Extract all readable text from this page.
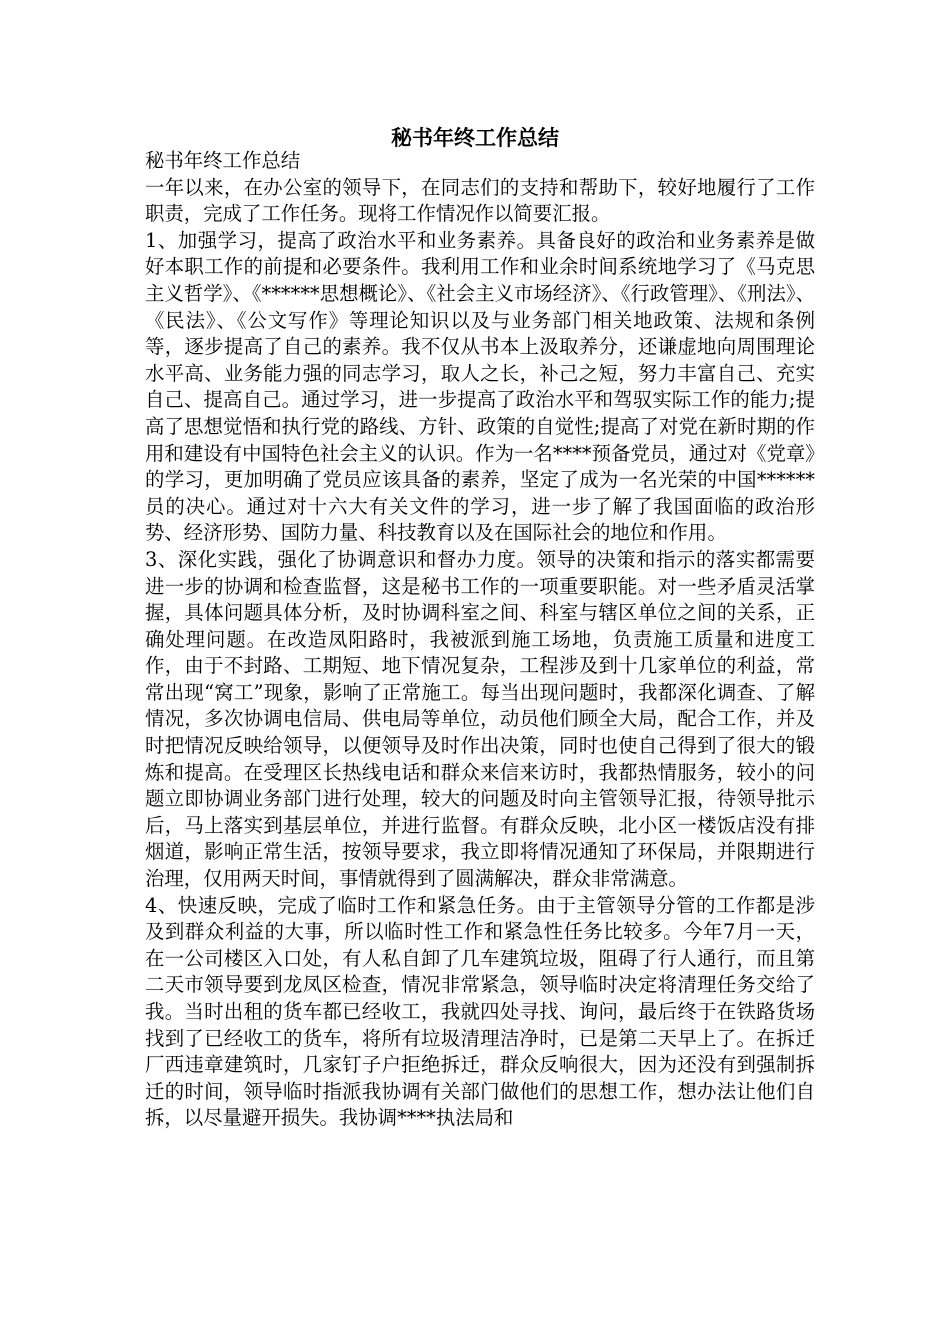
秘书年终工作总结

秘书年终工作总结

一年以来，在办公室的领导下，在同志们的支持和帮助下，较好地履行了工作职责，完成了工作任务。现将工作情况作以简要汇报。

1、加强学习，提高了政治水平和业务素养。具备良好的政治和业务素养是做好本职工作的前提和必要条件。我利用工作和业余时间系统地学习了《马克思主义哲学》、《******思想概论》、《社会主义市场经济》、《行政管理》、《刑法》、《民法》、《公文写作》等理论知识以及与业务部门相关地政策、法规和条例等，逐步提高了自己的素养。我不仅从书本上汲取养分，还谦虚地向周围理论水平高、业务能力强的同志学习，取人之长，补己之短，努力丰富自己、充实自己、提高自己。通过学习，进一步提高了政治水平和驾驭实际工作的能力;提高了思想觉悟和执行党的路线、方针、政策的自觉性;提高了对党在新时期的作用和建设有中国特色社会主义的认识。作为一名****预备党员，通过对《党章》的学习，更加明确了党员应该具备的素养，坚定了成为一名光荣的中国******员的决心。通过对十六大有关文件的学习，进一步了解了我国面临的政治形势、经济形势、国防力量、科技教育以及在国际社会的地位和作用。

3、深化实践，强化了协调意识和督办力度。领导的决策和指示的落实都需要进一步的协调和检查监督，这是秘书工作的一项重要职能。对一些矛盾灵活掌握，具体问题具体分析，及时协调科室之间、科室与辖区单位之间的关系，正确处理问题。在改造凤阳路时，我被派到施工场地，负责施工质量和进度工作，由于不封路、工期短、地下情况复杂，工程涉及到十几家单位的利益，常常出现“窝工”现象，影响了正常施工。每当出现问题时，我都深化调查、了解情况，多次协调电信局、供电局等单位，动员他们顾全大局，配合工作，并及时把情况反映给领导，以便领导及时作出决策，同时也使自己得到了很大的锻炼和提高。在受理区长热线电话和群众来信来访时，我都热情服务，较小的问题立即协调业务部门进行处理，较大的问题及时向主管领导汇报，待领导批示后，马上落实到基层单位，并进行监督。有群众反映，北小区一楼饭店没有排烟道，影响正常生活，按领导要求，我立即将情况通知了环保局，并限期进行治理，仅用两天时间，事情就得到了圆满解决，群众非常满意。

4、快速反映，完成了临时工作和紧急任务。由于主管领导分管的工作都是涉及到群众利益的大事，所以临时性工作和紧急性任务比较多。今年7月一天，在一公司楼区入口处，有人私自卸了几车建筑垃圾，阻碍了行人通行，而且第二天市领导要到龙凤区检查，情况非常紧急，领导临时决定将清理任务交给了我。当时出租的货车都已经收工，我就四处寻找、询问，最后终于在铁路货场找到了已经收工的货车，将所有垃圾清理洁净时，已是第二天早上了。在拆迁厂西违章建筑时，几家钉子户拒绝拆迁，群众反响很大，因为还没有到强制拆迁的时间，领导临时指派我协调有关部门做他们的思想工作，想办法让他们自拆，以尽量避开损失。我协调****执法局和
